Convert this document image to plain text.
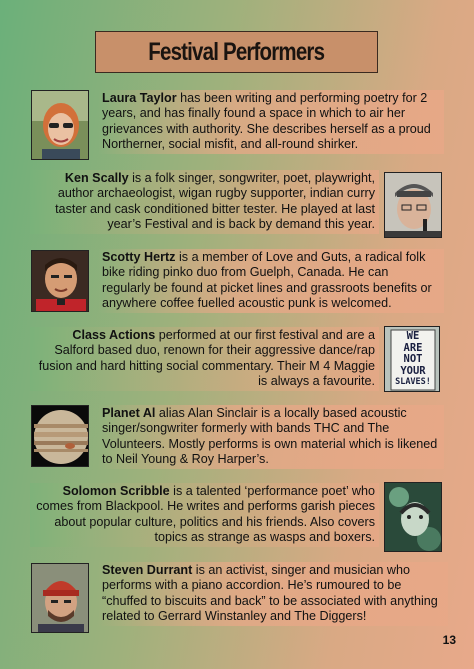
Festival Performers
Laura Taylor has been writing and performing poetry for 2 years, and has finally found a space in which to air her grievances with authority. She describes herself as a proud Northerner, social misfit, and all-round shirker.
Ken Scally is a folk singer, songwriter, poet, playwright, author archaeologist, wigan rugby supporter, indian curry taster and cask conditioned bitter tester. He played at last year’s Festival and is back by demand this year.
Scotty Hertz is a member of Love and Guts, a radical folk bike riding pinko duo from Guelph, Canada. He can regularly be found at picket lines and grassroots benefits or anywhere coffee fuelled acoustic punk is welcomed.
Class Actions performed at our first festival and are a Salford based duo, renown for their aggressive dance/rap fusion and hard hitting social commentary. Their M 4 Maggie is always a favourite.
WE
ARE
NOT
YOUR
SLAVES!
Planet Al alias Alan Sinclair is a locally based acoustic singer/songwriter formerly with bands THC and The Volunteers. Mostly performs is own material which is likened to Neil Young & Roy Harper’s.
Solomon Scribble is a talented ‘performance poet’ who comes from Blackpool. He writes and performs garish pieces about popular culture, politics and his friends. Also covers topics as strange as wasps and boxers.
Steven Durrant is an activist, singer and musician who performs with a piano accordion. He’s rumoured to be “chuffed to biscuits and back” to be associated with anything related to Gerrard Winstanley and The Diggers!
13
